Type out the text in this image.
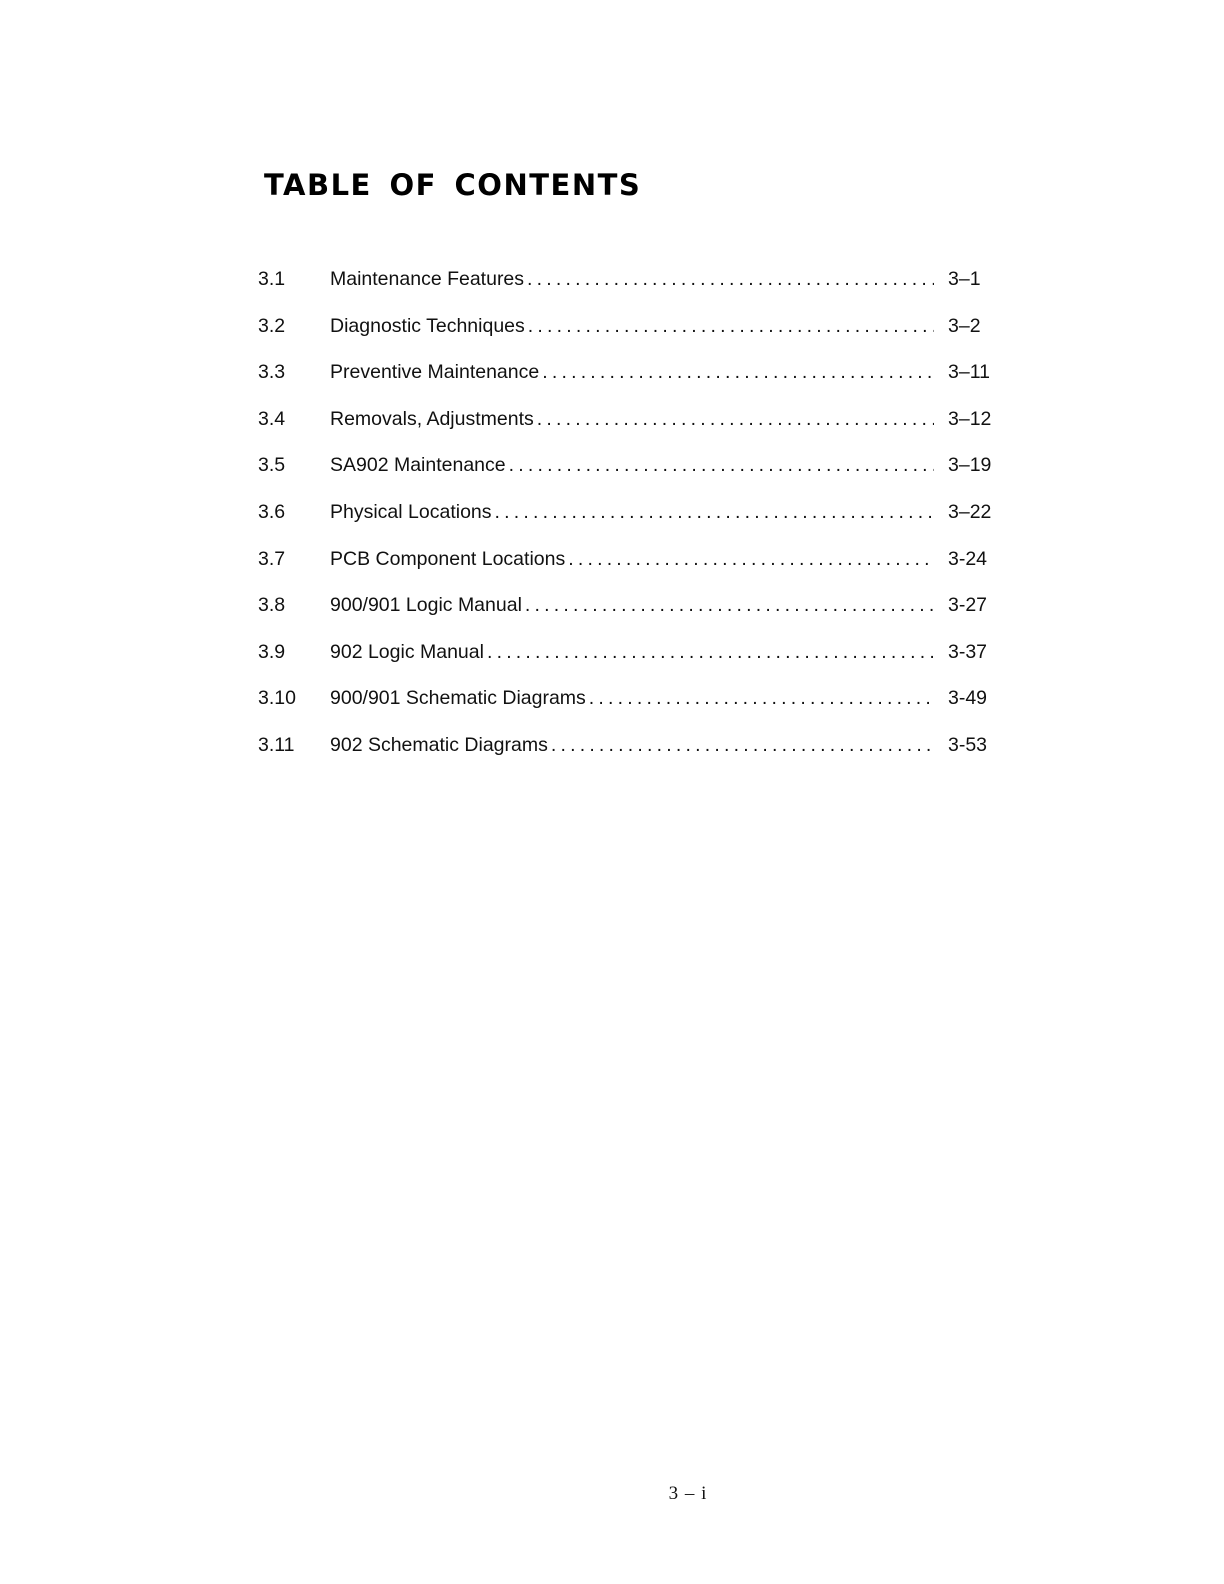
TABLE OF CONTENTS
3.1	Maintenance Features .....	3–1
3.2	Diagnostic Techniques .....	3–2
3.3	Preventive Maintenance .....	3–11
3.4	Removals, Adjustments .....	3–12
3.5	SA902 Maintenance .....	3–19
3.6	Physical Locations .....	3–22
3.7	PCB Component Locations .....	3-24
3.8	900/901 Logic Manual .....	3-27
3.9	902 Logic Manual .....	3-37
3.10	900/901 Schematic Diagrams .....	3-49
3.11	902 Schematic Diagrams .....	3-53
3 – i
